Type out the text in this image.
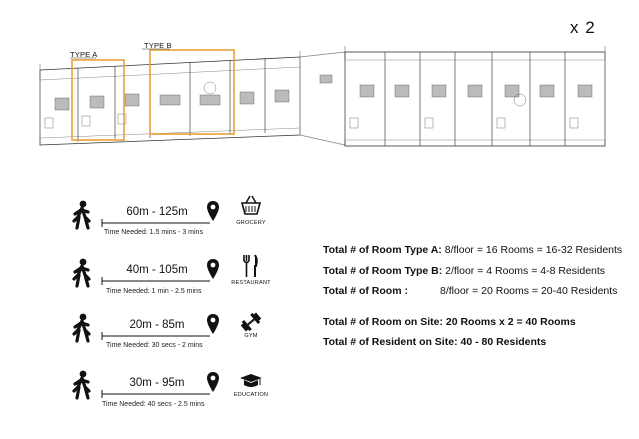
x 2
TYPE A
TYPE B
60m - 125m
Time Needed: 1.5 mins - 3 mins
GROCERY
40m - 105m
Time Needed: 1 min - 2.5 mins
RESTAURANT
20m - 85m
Time Needed: 30 secs - 2 mins
GYM
30m - 95m
Time Needed: 40 secs - 2.5 mins
EDUCATION
Total # of Room Type A: 8/floor = 16 Rooms = 16-32 Residents
Total # of Room Type B: 2/floor = 4 Rooms = 4-8 Residents
Total # of Room :	8/floor = 20 Rooms = 20-40 Residents
Total # of Room on Site: 20 Rooms x 2 = 40 Rooms
Total # of Resident on Site: 40 - 80 Residents
